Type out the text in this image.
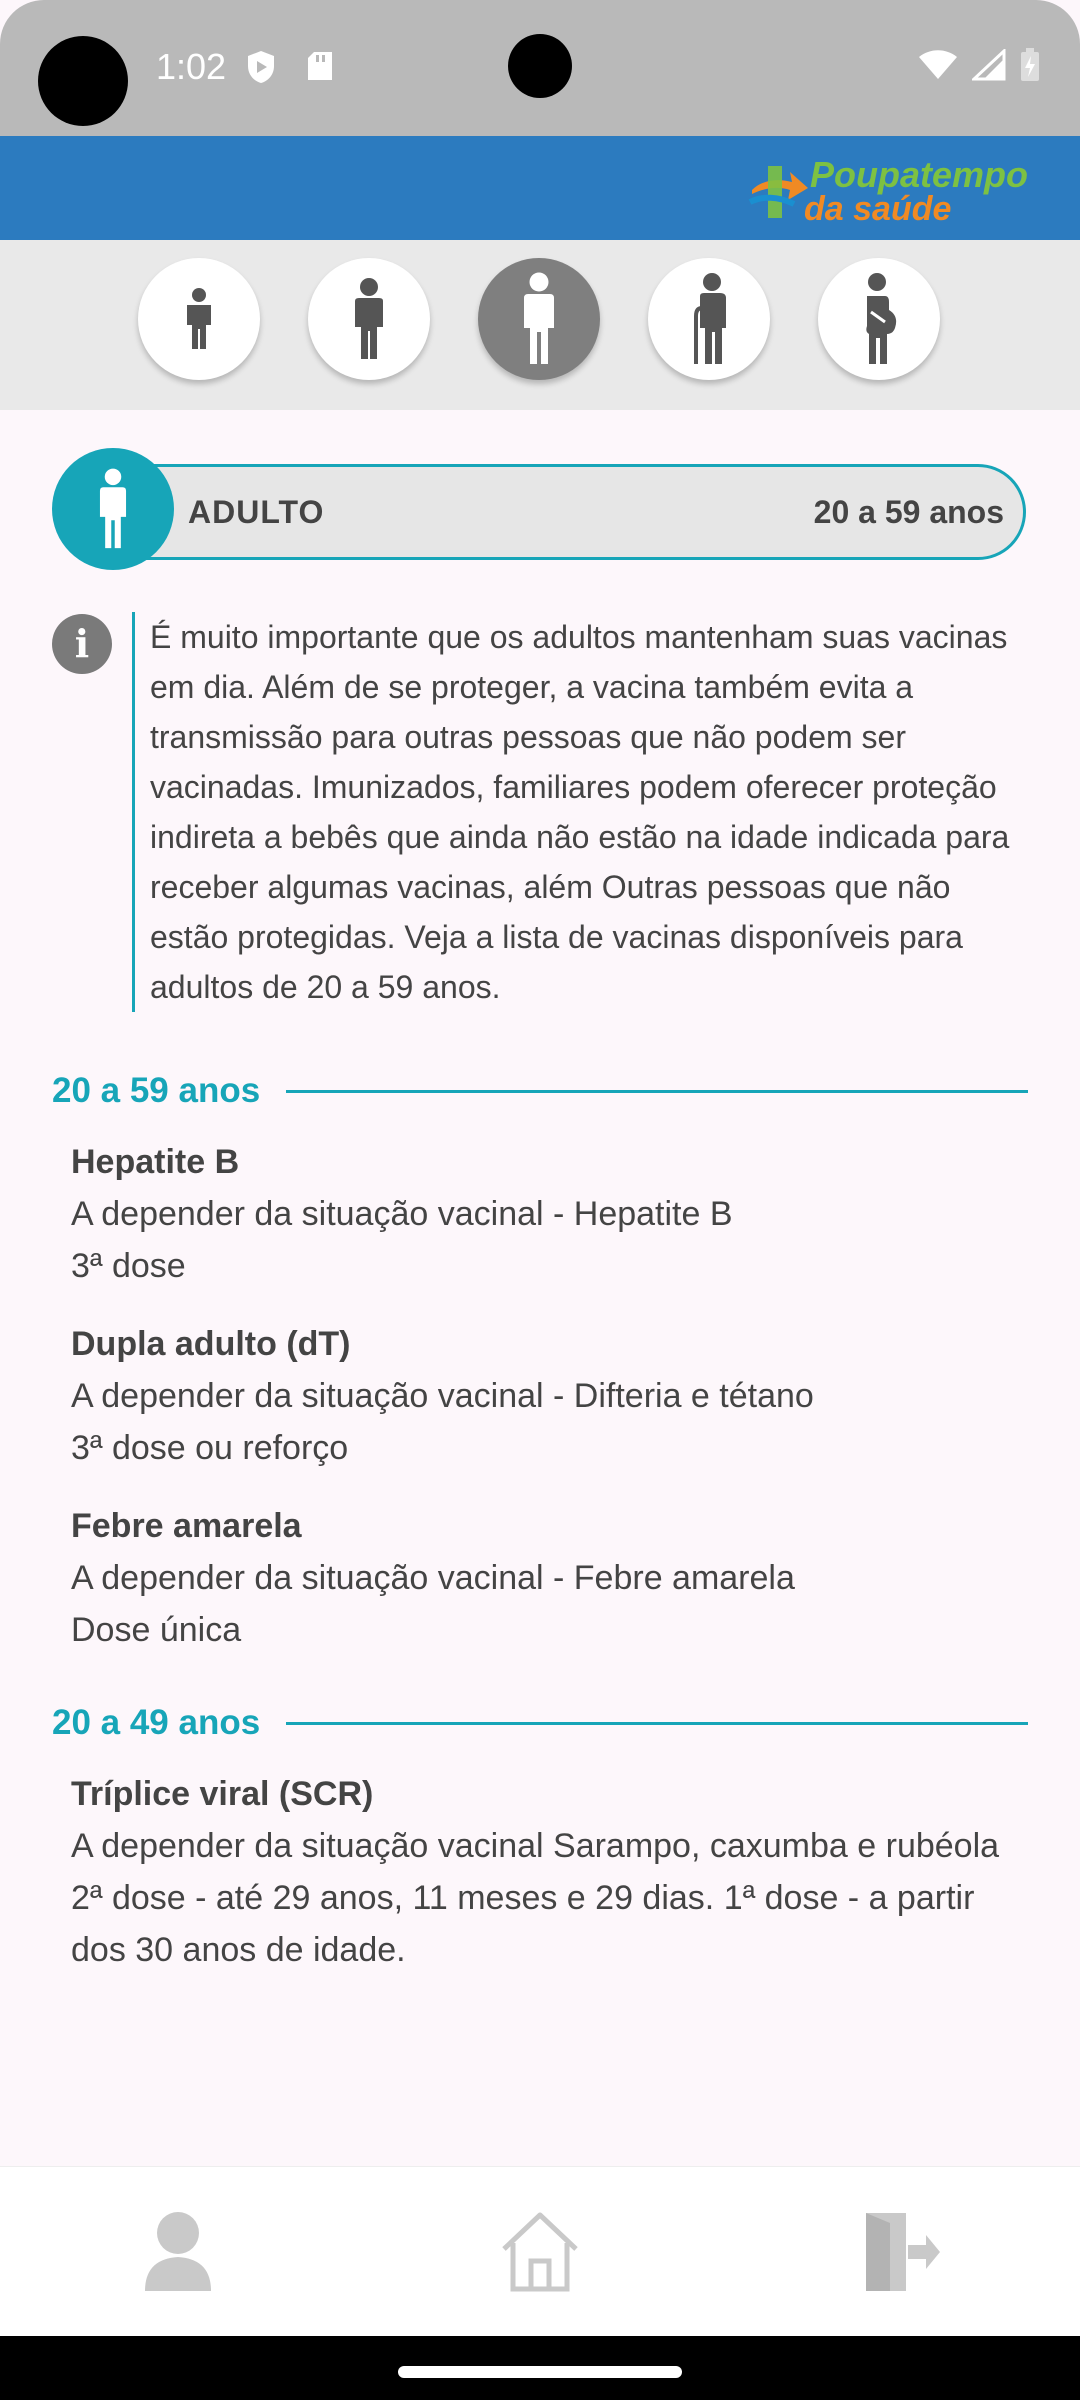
1:02
Poupatempo
da saúde
ADULTO	20 a 59 anos
i	É muito importante que os adultos mantenham suas vacinas em dia. Além de se proteger, a vacina também evita a transmissão para outras pessoas que não podem ser vacinadas. Imunizados, familiares podem oferecer proteção indireta a bebês que ainda não estão na idade indicada para receber algumas vacinas, além Outras pessoas que não estão protegidas. Veja a lista de vacinas disponíveis para adultos de 20 a 59 anos.

20 a 59 anos
Hepatite B
A depender da situação vacinal - Hepatite B
3ª dose
Dupla adulto (dT)
A depender da situação vacinal - Difteria e tétano
3ª dose ou reforço
Febre amarela
A depender da situação vacinal - Febre amarela
Dose única
20 a 49 anos
Tríplice viral (SCR)
A depender da situação vacinal Sarampo, caxumba e rubéola
2ª dose - até 29 anos, 11 meses e 29 dias. 1ª dose - a partir dos 30 anos de idade.
